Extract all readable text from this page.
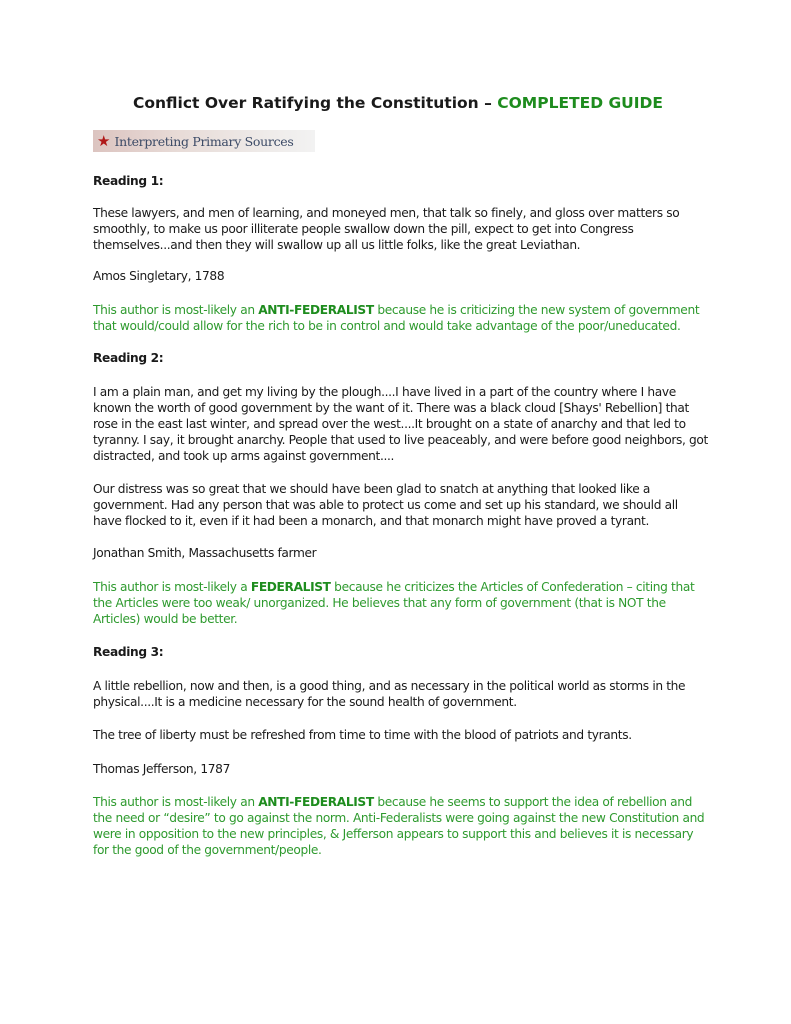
Conflict Over Ratifying the Constitution – COMPLETED GUIDE
★ Interpreting Primary Sources
Reading 1:
These lawyers, and men of learning, and moneyed men, that talk so finely, and gloss over matters so smoothly, to make us poor illiterate people swallow down the pill, expect to get into Congress themselves...and then they will swallow up all us little folks, like the great Leviathan.
Amos Singletary, 1788
This author is most-likely an ANTI-FEDERALIST because he is criticizing the new system of government that would/could allow for the rich to be in control and would take advantage of the poor/uneducated.
Reading 2:
I am a plain man, and get my living by the plough....I have lived in a part of the country where I have known the worth of good government by the want of it. There was a black cloud [Shays' Rebellion] that rose in the east last winter, and spread over the west....It brought on a state of anarchy and that led to tyranny. I say, it brought anarchy. People that used to live peaceably, and were before good neighbors, got distracted, and took up arms against government....
Our distress was so great that we should have been glad to snatch at anything that looked like a government. Had any person that was able to protect us come and set up his standard, we should all have flocked to it, even if it had been a monarch, and that monarch might have proved a tyrant.
Jonathan Smith, Massachusetts farmer
This author is most-likely a FEDERALIST because he criticizes the Articles of Confederation – citing that the Articles were too weak/ unorganized. He believes that any form of government (that is NOT the Articles) would be better.
Reading 3:
A little rebellion, now and then, is a good thing, and as necessary in the political world as storms in the physical....It is a medicine necessary for the sound health of government.
The tree of liberty must be refreshed from time to time with the blood of patriots and tyrants.
Thomas Jefferson, 1787
This author is most-likely an ANTI-FEDERALIST because he seems to support the idea of rebellion and the need or “desire” to go against the norm. Anti-Federalists were going against the new Constitution and were in opposition to the new principles, & Jefferson appears to support this and believes it is necessary for the good of the government/people.
